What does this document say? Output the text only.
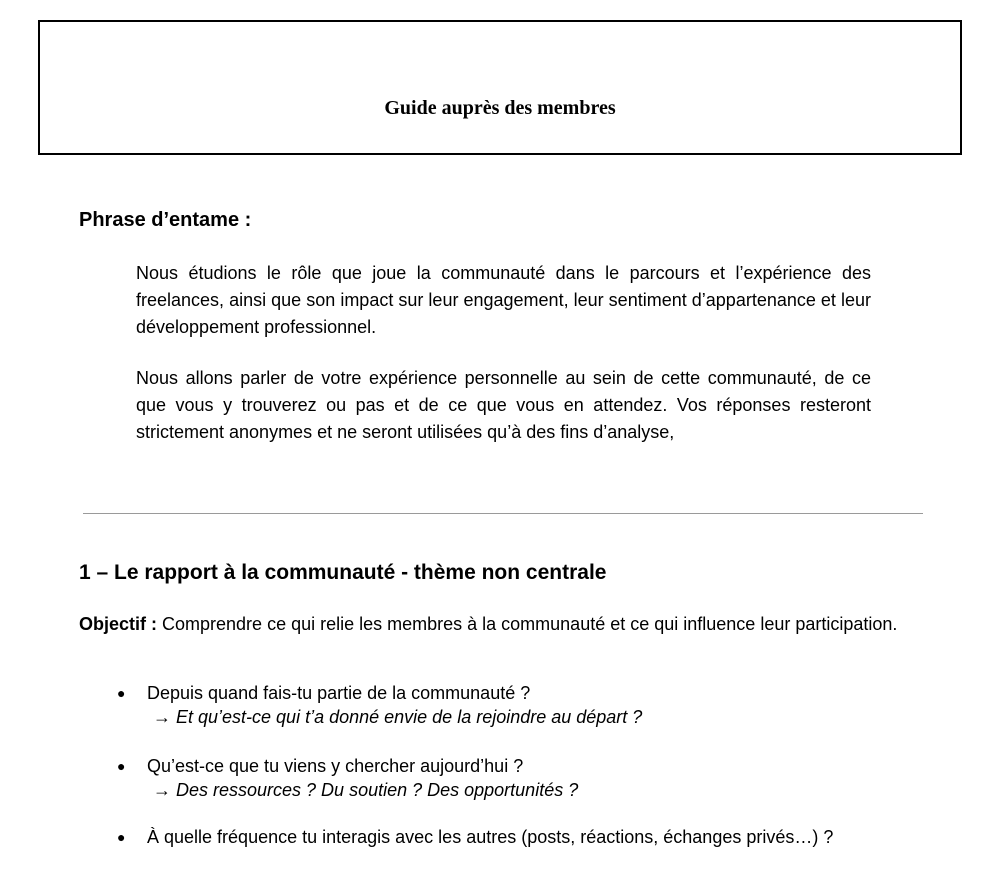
Guide auprès des membres
Phrase d’entame :

Nous étudions le rôle que joue la communauté dans le parcours et l’expérience des freelances, ainsi que son impact sur leur engagement, leur sentiment d’appartenance et leur développement professionnel.

Nous allons parler de votre expérience personnelle au sein de cette communauté, de ce que vous y trouverez ou pas et de ce que vous en attendez. Vos réponses resteront strictement anonymes et ne seront utilisées qu’à des fins d’analyse,

1 – Le rapport à la communauté - thème non centrale

Objectif : Comprendre ce qui relie les membres à la communauté et ce qui influence leur participation.

●	Depuis quand fais-tu partie de la communauté ?
→ Et qu’est-ce qui t’a donné envie de la rejoindre au départ ?
●	Qu’est-ce que tu viens y chercher aujourd’hui ?
→ Des ressources ? Du soutien ? Des opportunités ?
●	À quelle fréquence tu interagis avec les autres (posts, réactions, échanges privés…) ?
